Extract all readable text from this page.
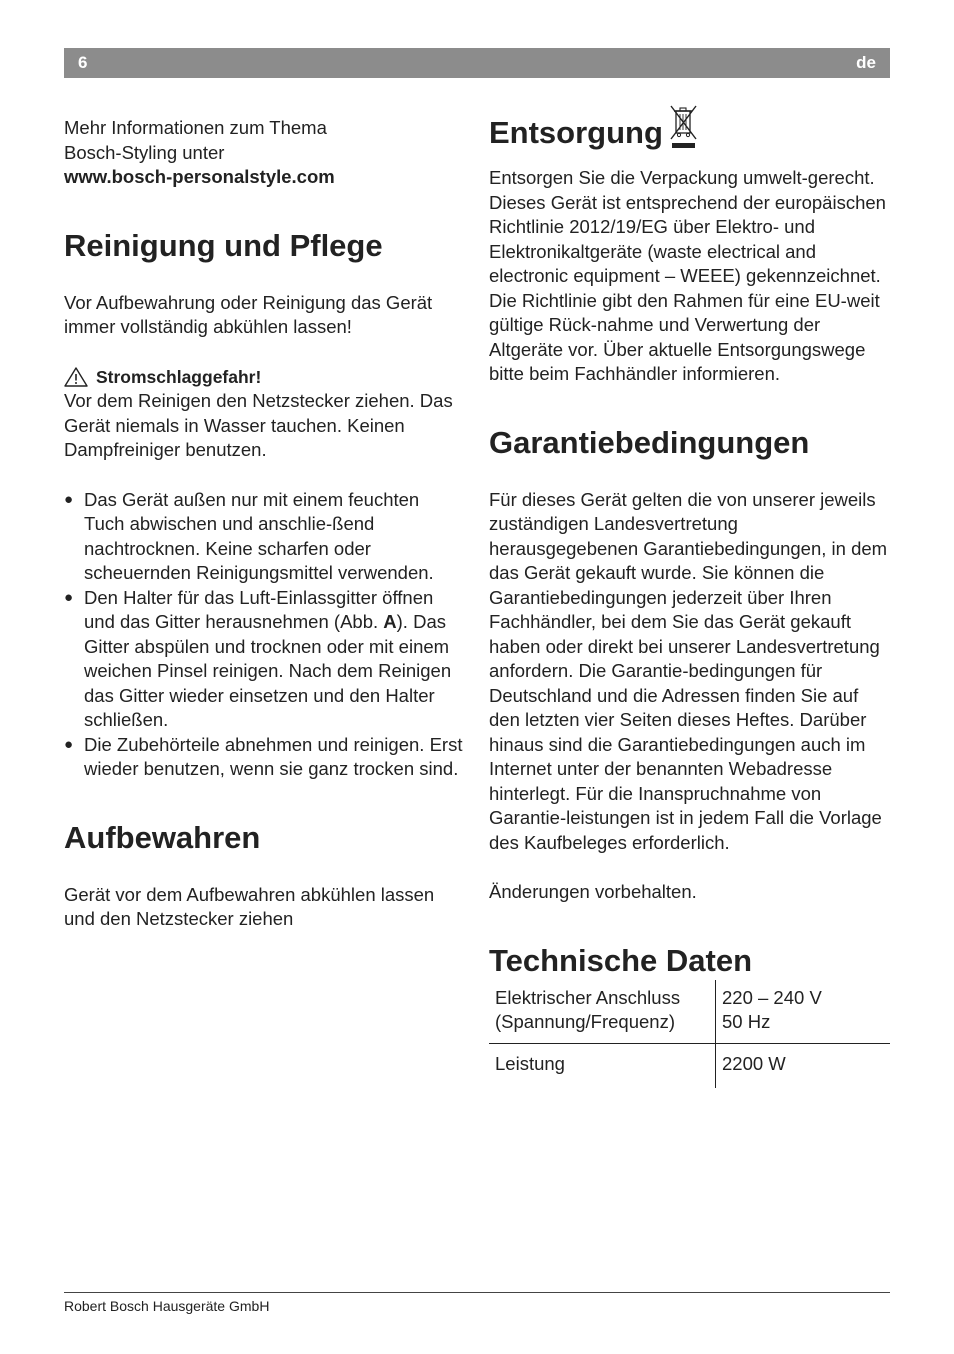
6	de

Mehr Informationen zum Thema
Bosch-Styling unter
www.bosch-personalstyle.com

Reinigung und Pflege

Vor Aufbewahrung oder Reinigung das Gerät immer vollständig abkühlen lassen!

Stromschlaggefahr!

Vor dem Reinigen den Netzstecker ziehen. Das Gerät niemals in Wasser tauchen. Keinen Dampfreiniger benutzen.

● Das Gerät außen nur mit einem feuchten Tuch abwischen und anschlie-ßend nachtrocknen. Keine scharfen oder scheuernden Reinigungsmittel verwenden.
● Den Halter für das Luft-Einlassgitter öffnen und das Gitter herausnehmen (Abb. A). Das Gitter abspülen und trocknen oder mit einem weichen Pinsel reinigen. Nach dem Reinigen das Gitter wieder einsetzen und den Halter schließen.
● Die Zubehörteile abnehmen und reinigen. Erst wieder benutzen, wenn sie ganz trocken sind.
Aufbewahren

Gerät vor dem Aufbewahren abkühlen lassen und den Netzstecker ziehen

Entsorgung

Entsorgen Sie die Verpackung umwelt-gerecht. Dieses Gerät ist entsprechend der europäischen Richtlinie 2012/19/EG über Elektro- und Elektronikaltgeräte (waste electrical and electronic equipment – WEEE) gekennzeichnet. Die Richtlinie gibt den Rahmen für eine EU-weit gültige Rück-nahme und Verwertung der Altgeräte vor. Über aktuelle Entsorgungswege bitte beim Fachhändler informieren.

Garantiebedingungen

Für dieses Gerät gelten die von unserer jeweils zuständigen Landesvertretung herausgegebenen Garantiebedingungen, in dem das Gerät gekauft wurde. Sie können die Garantiebedingungen jederzeit über Ihren Fachhändler, bei dem Sie das Gerät gekauft haben oder direkt bei unserer Landesvertretung anfordern. Die Garantie-bedingungen für Deutschland und die Adressen finden Sie auf den letzten vier Seiten dieses Heftes. Darüber hinaus sind die Garantiebedingungen auch im Internet unter der benannten Webadresse hinterlegt. Für die Inanspruchnahme von Garantie-leistungen ist in jedem Fall die Vorlage des Kaufbeleges erforderlich.

Änderungen vorbehalten.

Technische Daten
Elektrischer Anschluss
(Spannung/Frequenz)	220 – 240 V
50 Hz
Leistung	2200 W
Robert Bosch Hausgeräte GmbH
